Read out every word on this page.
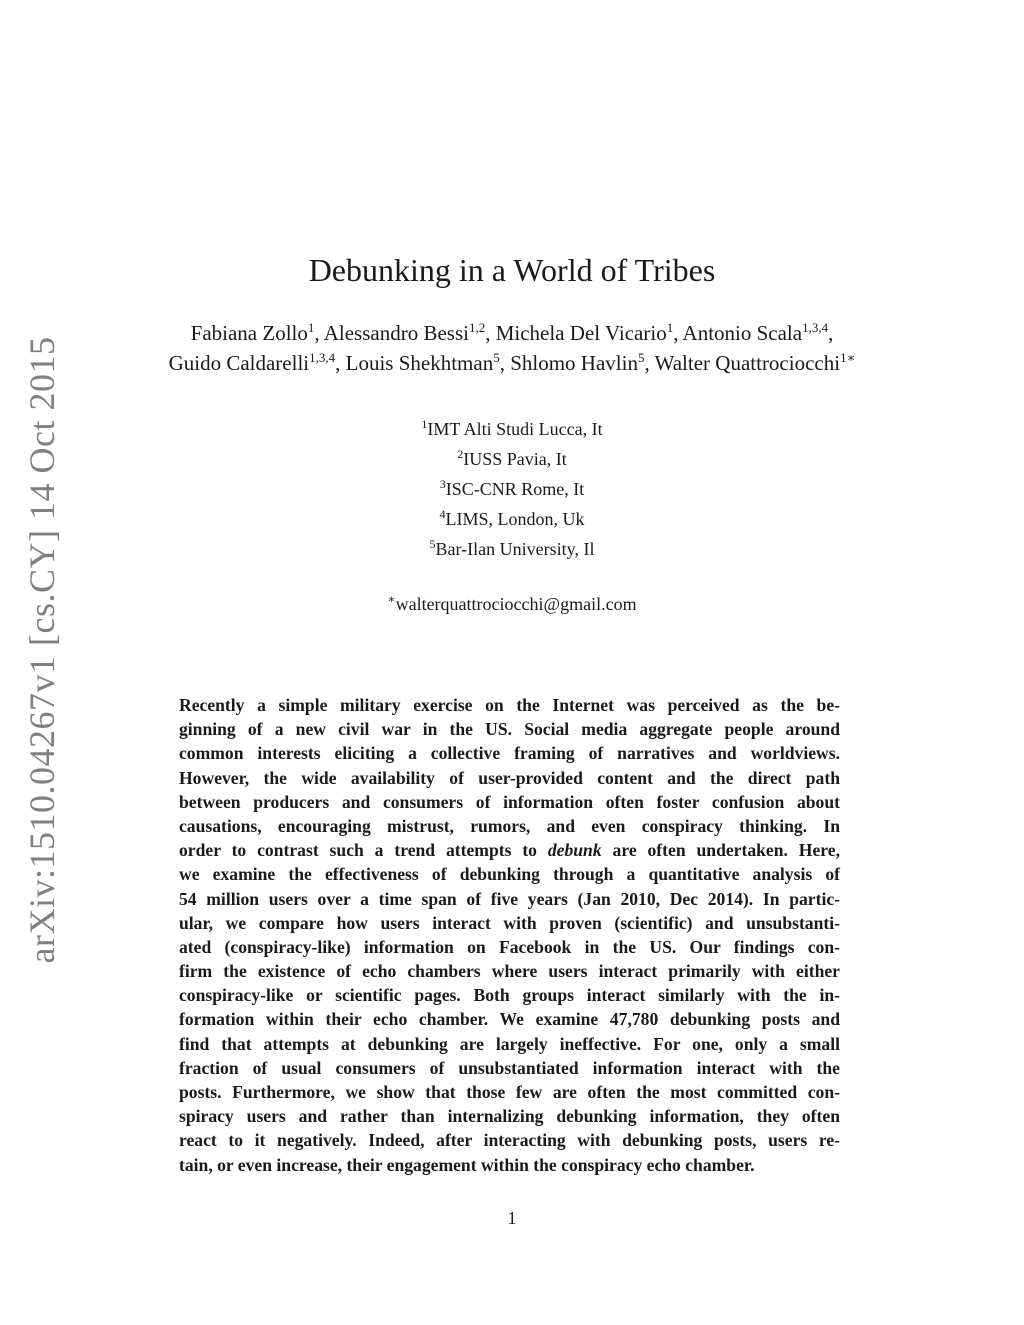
arXiv:1510.04267v1 [cs.CY] 14 Oct 2015
Debunking in a World of Tribes
Fabiana Zollo$^1$, Alessandro Bessi$^{1,2}$, Michela Del Vicario$^1$, Antonio Scala$^{1,3,4}$,
Guido Caldarelli$^{1,3,4}$, Louis Shekhtman$^5$, Shlomo Havlin$^5$, Walter Quattrociocchi$^{1∗}$
$^1$IMT Alti Studi Lucca, It
$^2$IUSS Pavia, It
$^3$ISC-CNR Rome, It
$^4$LIMS, London, Uk
$^5$Bar-Ilan University, Il
∗walterquattrociocchi@gmail.com
Recently a simple military exercise on the Internet was perceived as the be-
ginning of a new civil war in the US. Social media aggregate people around
common interests eliciting a collective framing of narratives and worldviews.
However, the wide availability of user-provided content and the direct path
between producers and consumers of information often foster confusion about
causations, encouraging mistrust, rumors, and even conspiracy thinking. In
order to contrast such a trend attempts to debunk are often undertaken. Here,
we examine the effectiveness of debunking through a quantitative analysis of
54 million users over a time span of five years (Jan 2010, Dec 2014). In partic-
ular, we compare how users interact with proven (scientific) and unsubstanti-
ated (conspiracy-like) information on Facebook in the US. Our findings con-
firm the existence of echo chambers where users interact primarily with either
conspiracy-like or scientific pages. Both groups interact similarly with the in-
formation within their echo chamber. We examine 47,780 debunking posts and
find that attempts at debunking are largely ineffective. For one, only a small
fraction of usual consumers of unsubstantiated information interact with the
posts. Furthermore, we show that those few are often the most committed con-
spiracy users and rather than internalizing debunking information, they often
react to it negatively. Indeed, after interacting with debunking posts, users re-
tain, or even increase, their engagement within the conspiracy echo chamber.
1
